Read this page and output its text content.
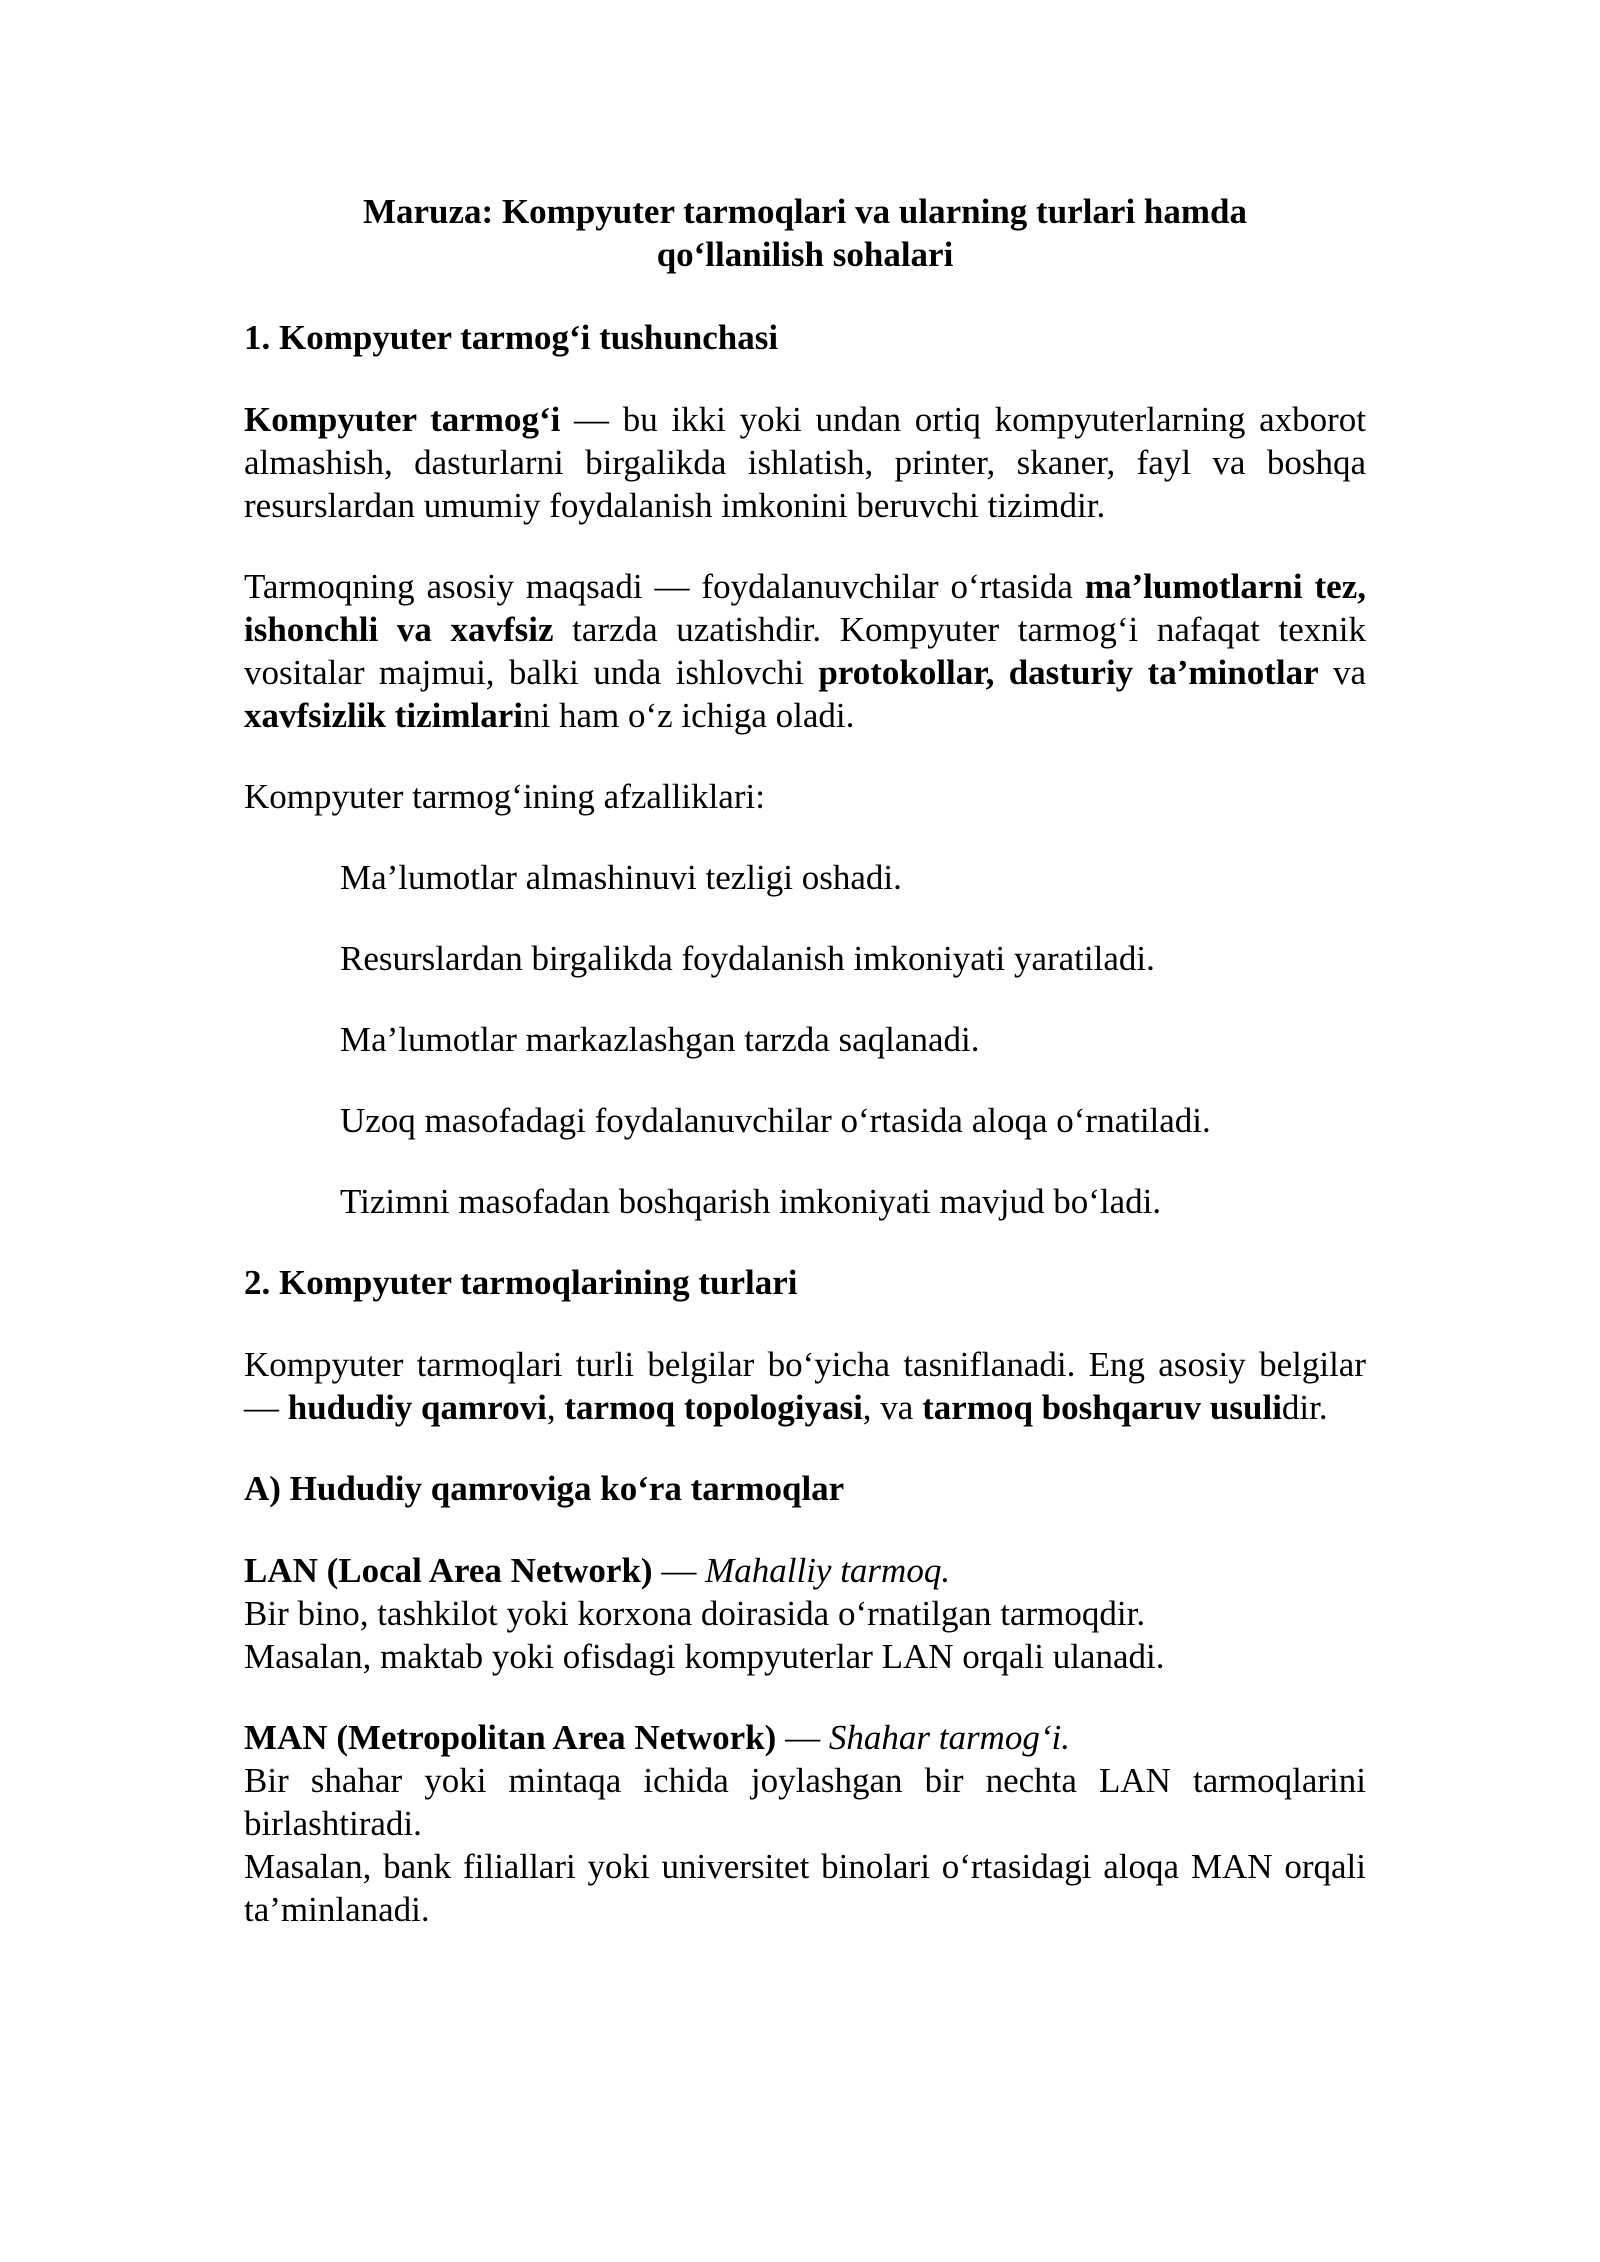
Maruza: Kompyuter tarmoqlari va ularning turlari hamda
qo‘llanilish sohalari
1. Kompyuter tarmog‘i tushunchasi

Kompyuter tarmog‘i — bu ikki yoki undan ortiq kompyuterlarning axborot almashish, dasturlarni birgalikda ishlatish, printer, skaner, fayl va boshqa resurslardan umumiy foydalanish imkonini beruvchi tizimdir.

Tarmoqning asosiy maqsadi — foydalanuvchilar o‘rtasida ma’lumotlarni tez, ishonchli va xavfsiz tarzda uzatishdir. Kompyuter tarmog‘i nafaqat texnik vositalar majmui, balki unda ishlovchi protokollar, dasturiy ta’minotlar va xavfsizlik tizimlarini ham o‘z ichiga oladi.

Kompyuter tarmog‘ining afzalliklari:

Ma’lumotlar almashinuvi tezligi oshadi.
Resurslardan birgalikda foydalanish imkoniyati yaratiladi.
Ma’lumotlar markazlashgan tarzda saqlanadi.
Uzoq masofadagi foydalanuvchilar o‘rtasida aloqa o‘rnatiladi.
Tizimni masofadan boshqarish imkoniyati mavjud bo‘ladi.
2. Kompyuter tarmoqlarining turlari

Kompyuter tarmoqlari turli belgilar bo‘yicha tasniflanadi. Eng asosiy belgilar — hududiy qamrovi, tarmoq topologiyasi, va tarmoq boshqaruv usulidir.

A) Hududiy qamroviga ko‘ra tarmoqlar
LAN (Local Area Network) — Mahalliy tarmoq.
Bir bino, tashkilot yoki korxona doirasida o‘rnatilgan tarmoqdir.
Masalan, maktab yoki ofisdagi kompyuterlar LAN orqali ulanadi.
MAN (Metropolitan Area Network) — Shahar tarmog‘i.
Bir shahar yoki mintaqa ichida joylashgan bir nechta LAN tarmoqlarini birlashtiradi.
Masalan, bank filiallari yoki universitet binolari o‘rtasidagi aloqa MAN orqali ta’minlanadi.
